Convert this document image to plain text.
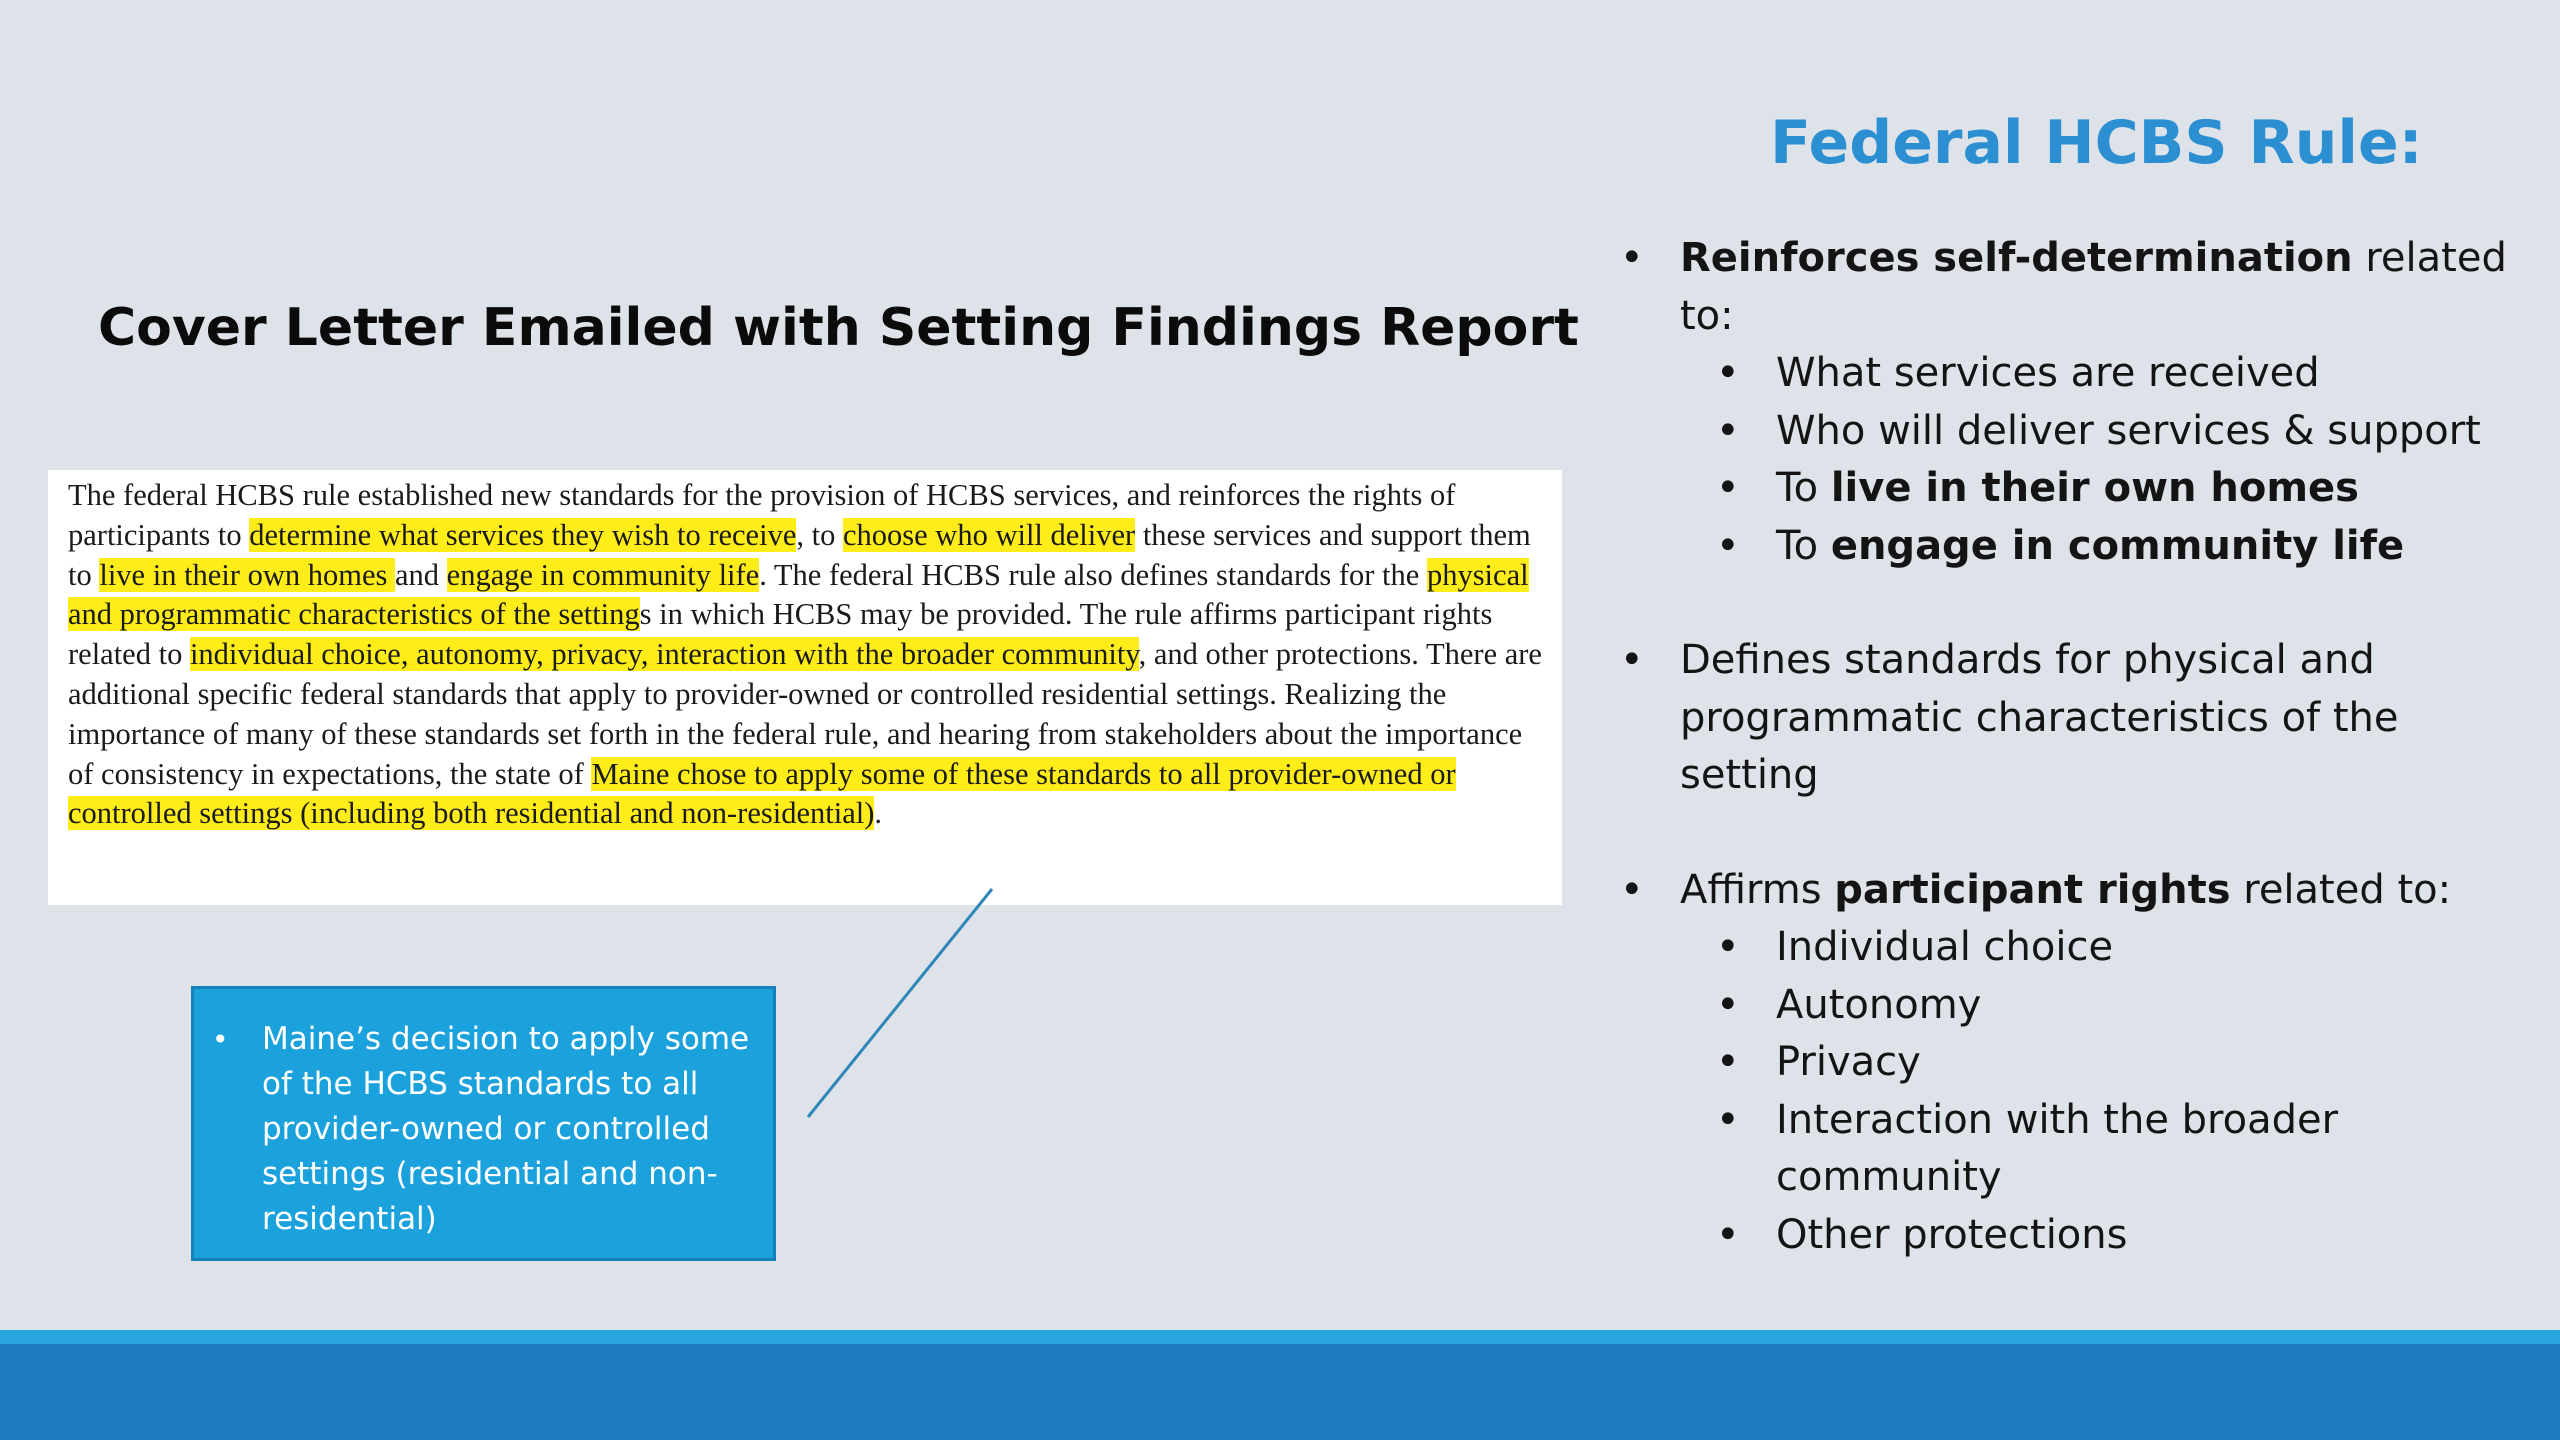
Cover Letter Emailed with Setting Findings Report

The federal HCBS rule established new standards for the provision of HCBS services, and reinforces the rights of participants to determine what services they wish to receive, to choose who will deliver these services and support them to live in their own homes and engage in community life. The federal HCBS rule also defines standards for the physical and programmatic characteristics of the settings in which HCBS may be provided. The rule affirms participant rights related to individual choice, autonomy, privacy, interaction with the broader community, and other protections. There are additional specific federal standards that apply to provider-owned or controlled residential settings. Realizing the importance of many of these standards set forth in the federal rule, and hearing from stakeholders about the importance of consistency in expectations, the state of Maine chose to apply some of these standards to all provider-owned or controlled settings (including both residential and non-residential).

• Maine’s decision to apply some of the HCBS standards to all provider-owned or controlled settings (residential and non-residential)
Federal HCBS Rule:
• Reinforces self-determination related to:
• What services are received
• Who will deliver services & support
• To live in their own homes
• To engage in community life
• Defines standards for physical and programmatic characteristics of the setting
• Affirms participant rights related to:
• Individual choice
• Autonomy
• Privacy
• Interaction with the broader community
• Other protections
